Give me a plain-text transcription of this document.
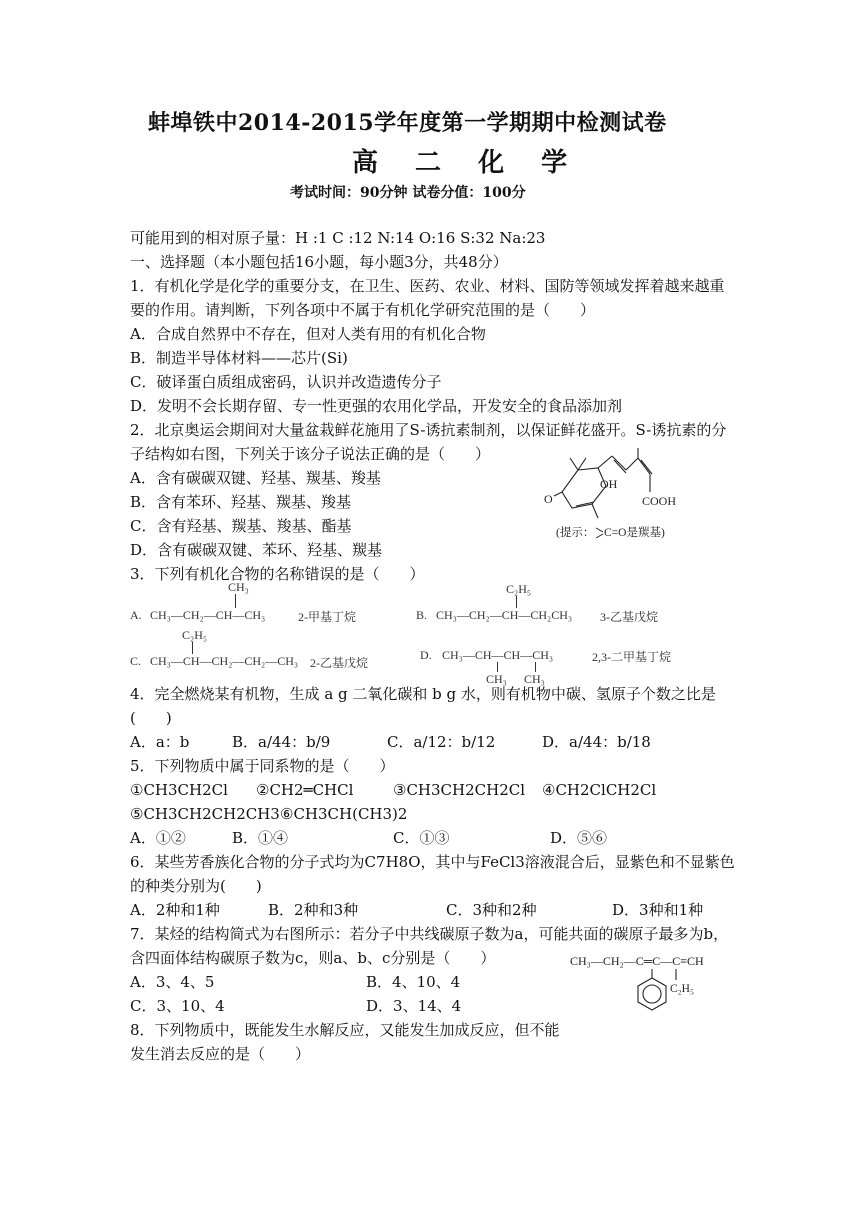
蚌埠铁中2014-2015学年度第一学期期中检测试卷
高 二 化 学
考试时间：90分钟 试卷分值：100分
可能用到的相对原子量：H :1 C :12 N:14 O:16 S:32 Na:23
一、选择题（本小题包括16小题，每小题3分，共48分）
1．有机化学是化学的重要分支，在卫生、医药、农业、材料、国防等领域发挥着越来越重
要的作用。请判断，下列各项中不属于有机化学研究范围的是（　　）
A．合成自然界中不存在，但对人类有用的有机化合物
B．制造半导体材料——芯片(Si)
C．破译蛋白质组成密码，认识并改造遗传分子
D．发明不会长期存留、专一性更强的农用化学品，开发安全的食品添加剂
2．北京奥运会期间对大量盆栽鲜花施用了S-诱抗素制剂，以保证鲜花盛开。S-诱抗素的分
子结构如右图，下列关于该分子说法正确的是（　　）
A．含有碳碳双键、羟基、羰基、羧基
B．含有苯环、羟基、羰基、羧基
C．含有羟基、羰基、羧基、酯基
D．含有碳碳双键、苯环、羟基、羰基
OH
COOH
O
(提示： C=O是羰基)
3．下列有机化合物的名称错误的是（　　）
CH₃
A. CH₃—CH₂—CH—CH₃	2-甲基丁烷
C₂H₅
B. CH₃—CH₂—CH—CH₂CH₃ 3-乙基戊烷
C₂H₅
C. CH₃—CH—CH₂—CH₂—CH₃ 2-乙基戊烷
D. CH₃—CH—CH—CH₃
CH₃ CH₃
2,3-二甲基丁烷
4．完全燃烧某有机物，生成 a g 二氧化碳和 b g 水，则有机物中碳、氢原子个数之比是
(　　)
A．a：b	B．a/44：b/9	C．a/12：b/12	D．a/44：b/18
5．下列物质中属于同系物的是（　　）
①CH3CH2Cl ②CH2═CHCl	③CH3CH2CH2Cl ④CH2ClCH2Cl
⑤CH3CH2CH2CH3 ⑥CH3CH(CH3)2
A．①②	B．①④	C．①③	D．⑤⑥
6．某些芳香族化合物的分子式均为C7H8O，其中与FeCl3溶液混合后，显紫色和不显紫色
的种类分别为(　　)
A．2种和1种	B．2种和3种	C．3种和2种	D．3种和1种
7．某烃的结构简式为右图所示：若分子中共线碳原子数为a，可能共面的碳原子最多为b，
含四面体结构碳原子数为c，则a、b、c分别是（　　）
A．3、4、5	B．4、10、4
C．3、10、4	D．3、14、4
CH₃—CH₂—C═C—C≡CH
C₂H₅
8．下列物质中，既能发生水解反应，又能发生加成反应，但不能
发生消去反应的是（　　）
